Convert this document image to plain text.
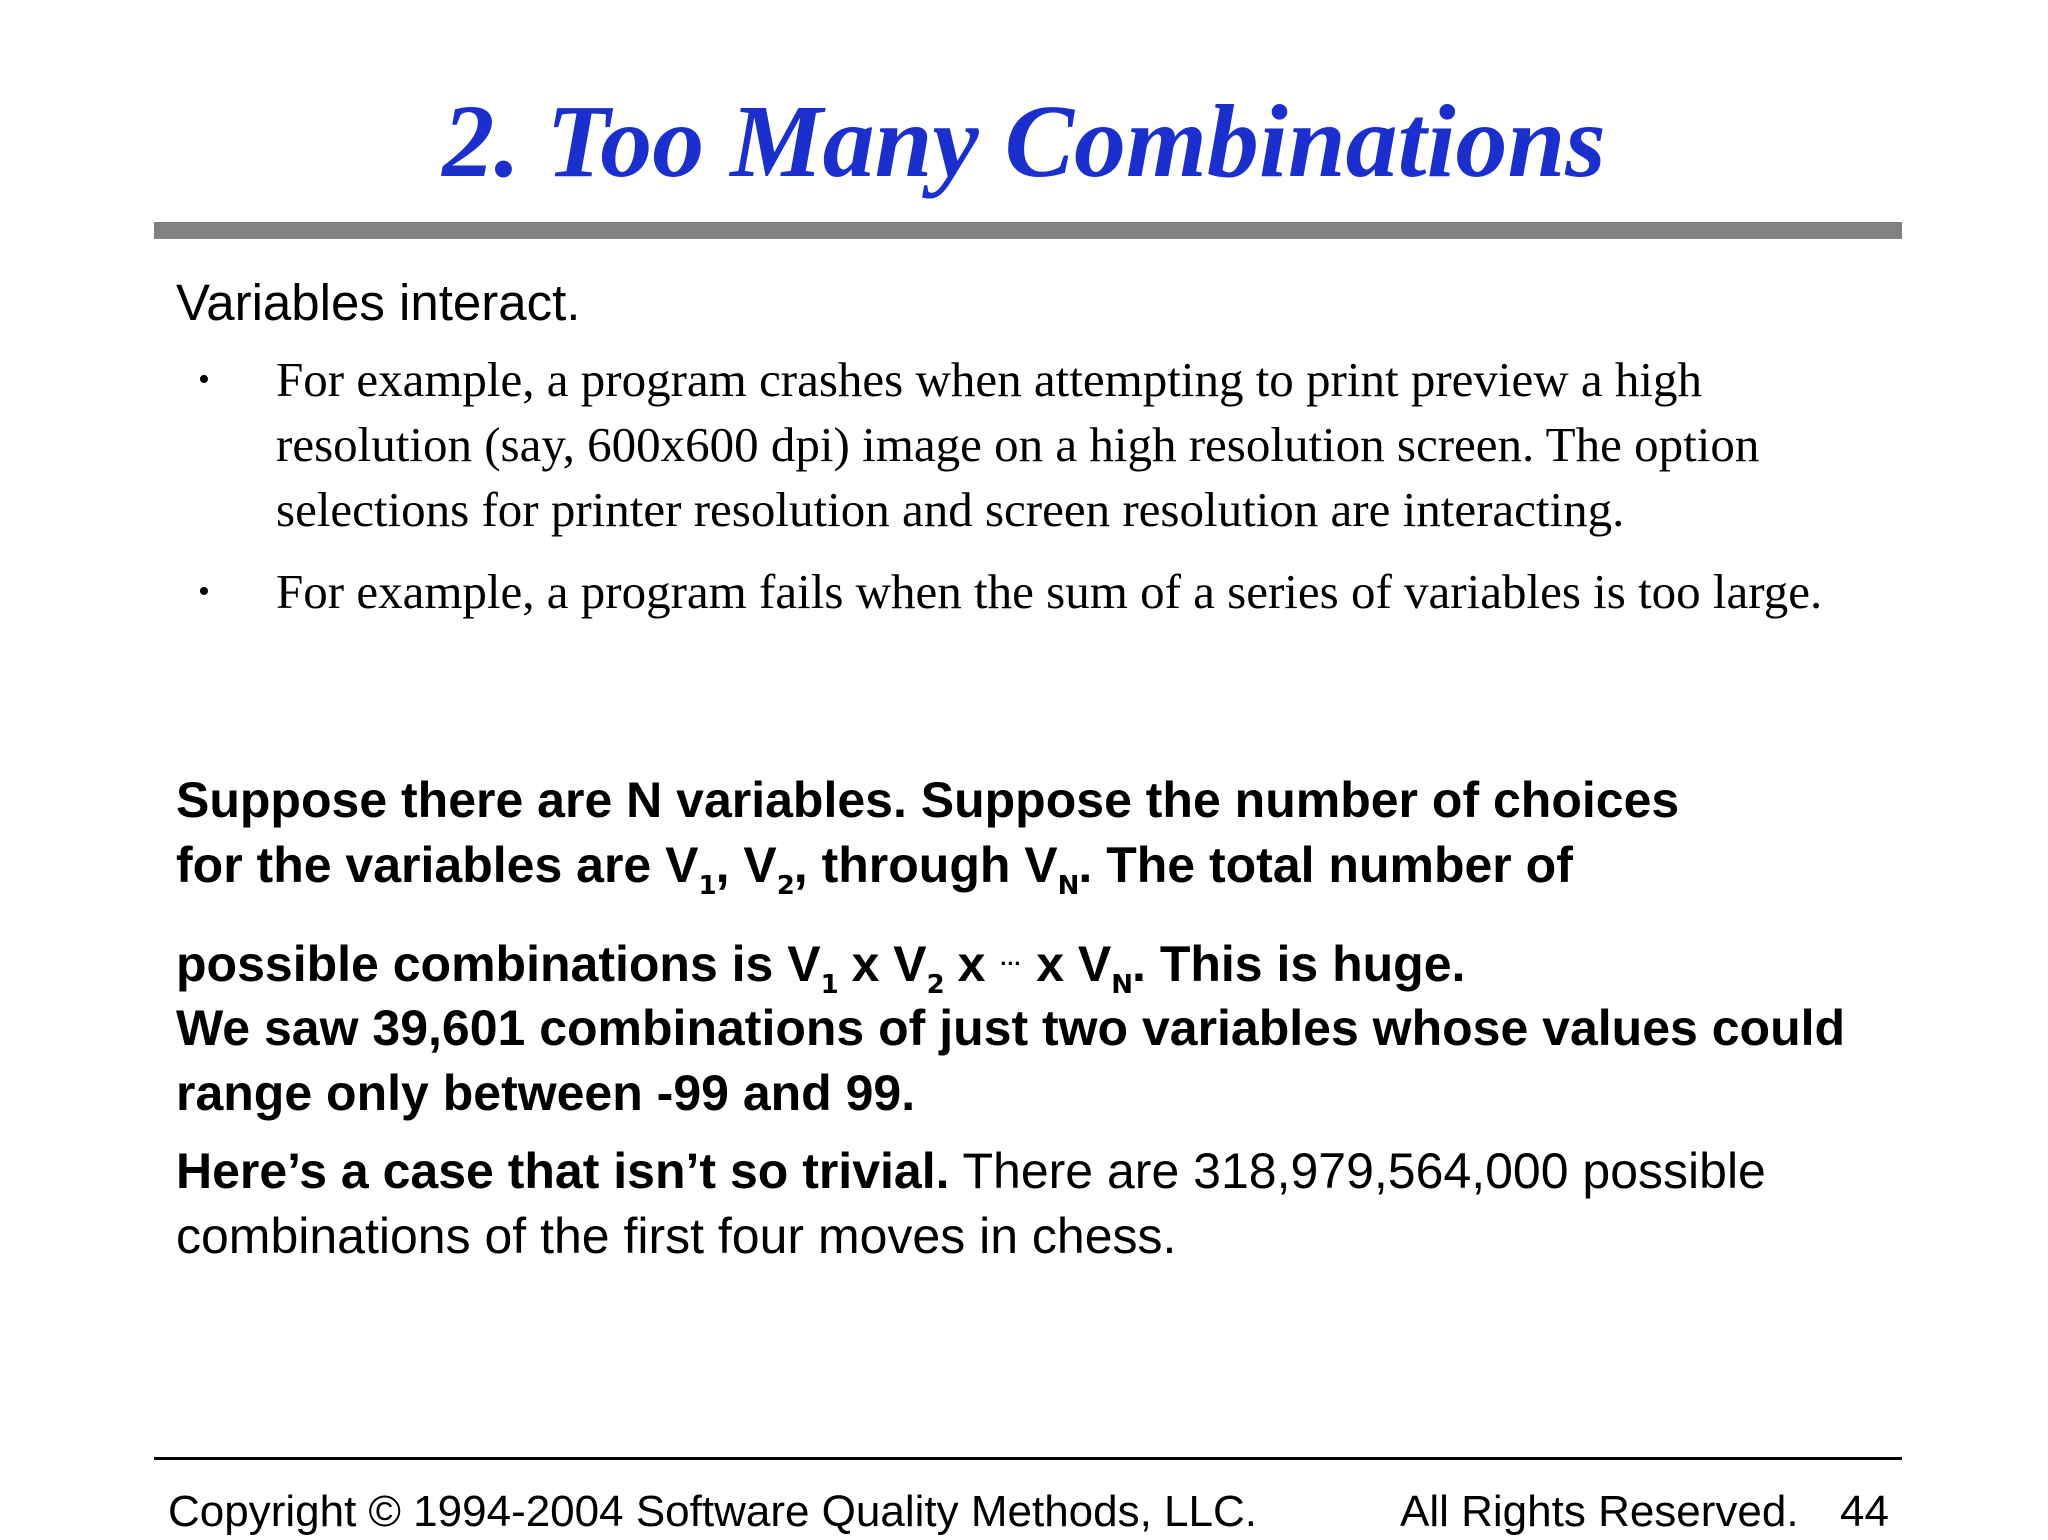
2. Too Many Combinations

Variables interact.

•	For example, a program crashes when attempting to print preview a high resolution (say, 600x600 dpi) image on a high resolution screen. The option selections for printer resolution and screen resolution are interacting.
•	For example, a program fails when the sum of a series of variables is too large.

Suppose there are N variables. Suppose the number of choices
for the variables are $V_1$, $V_2$, through $V_N$. The total number of
possible combinations is $V_1$ x $V_2$ x … x $V_N$. This is huge.

We saw 39,601 combinations of just two variables whose values could range only between -99 and 99.

Here’s a case that isn’t so trivial. There are 318,979,564,000 possible combinations of the first four moves in chess.

Copyright © 1994-2004 Software Quality Methods, LLC.	All Rights Reserved. 44
